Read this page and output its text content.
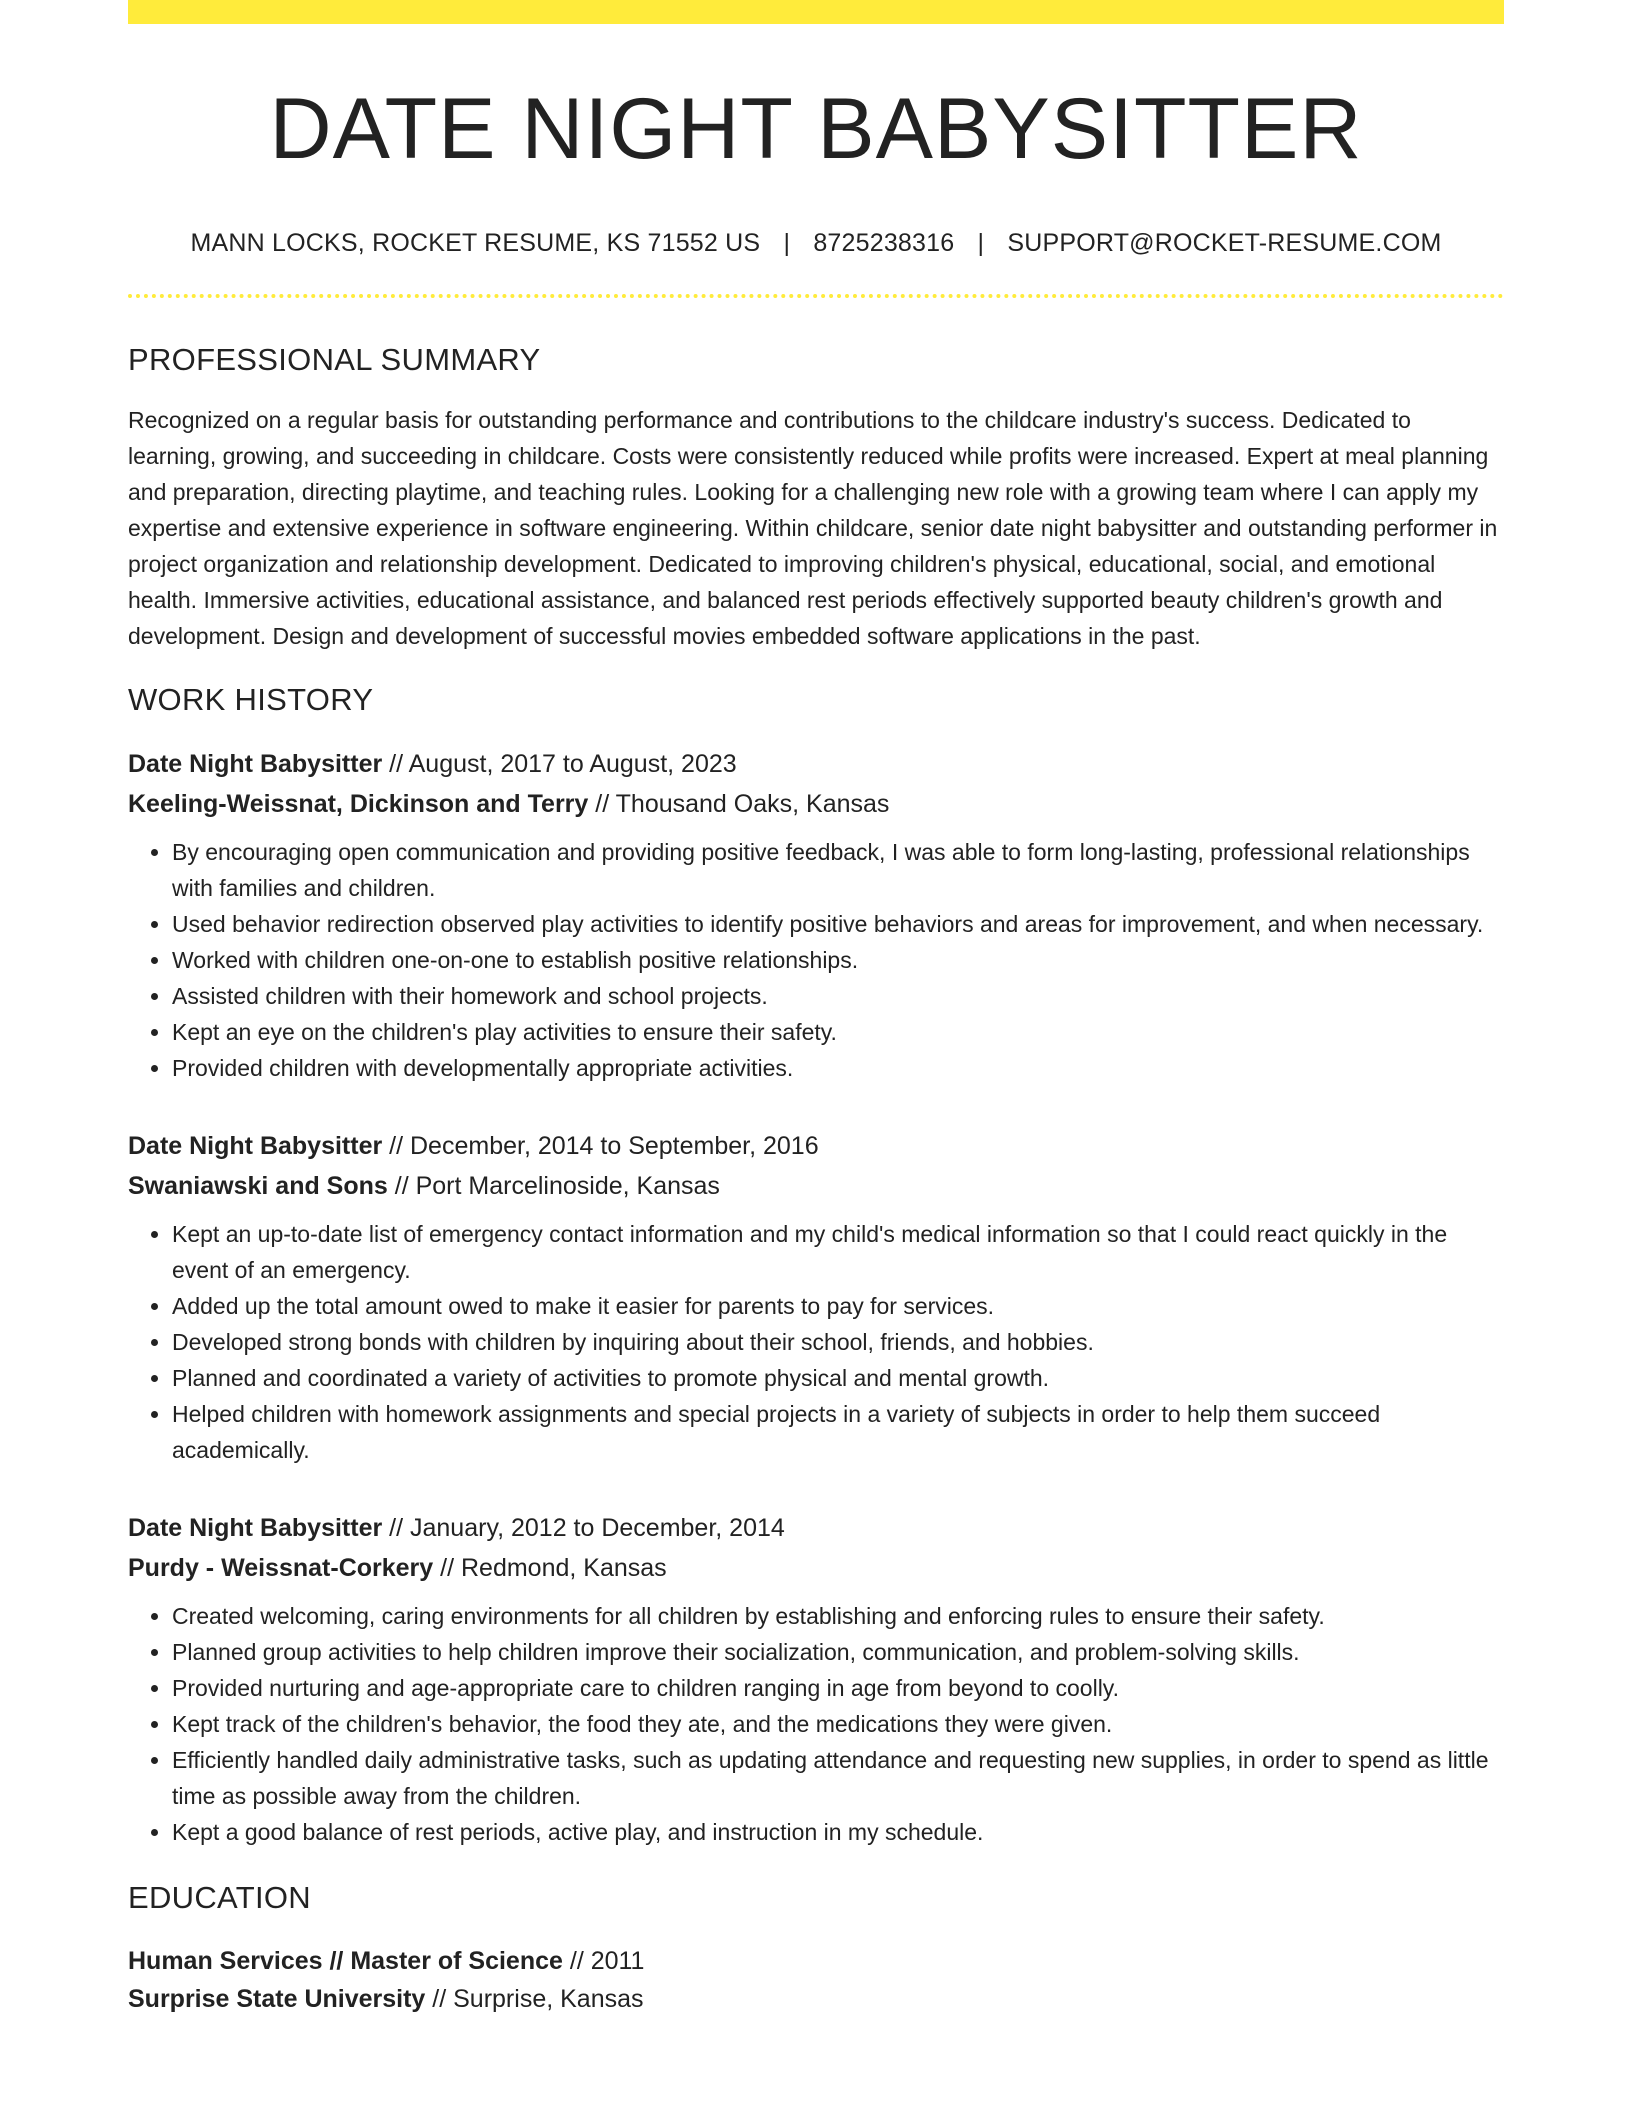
DATE NIGHT BABYSITTER
MANN LOCKS, ROCKET RESUME, KS 71552 US | 8725238316 | SUPPORT@ROCKET-RESUME.COM
PROFESSIONAL SUMMARY

Recognized on a regular basis for outstanding performance and contributions to the childcare industry's success. Dedicated to learning, growing, and succeeding in childcare. Costs were consistently reduced while profits were increased. Expert at meal planning and preparation, directing playtime, and teaching rules. Looking for a challenging new role with a growing team where I can apply my expertise and extensive experience in software engineering. Within childcare, senior date night babysitter and outstanding performer in project organization and relationship development. Dedicated to improving children's physical, educational, social, and emotional health. Immersive activities, educational assistance, and balanced rest periods effectively supported beauty children's growth and development. Design and development of successful movies embedded software applications in the past.

WORK HISTORY
Date Night Babysitter // August, 2017 to August, 2023
Keeling-Weissnat, Dickinson and Terry // Thousand Oaks, Kansas
• By encouraging open communication and providing positive feedback, I was able to form long-lasting, professional relationships with families and children.
• Used behavior redirection observed play activities to identify positive behaviors and areas for improvement, and when necessary.
• Worked with children one-on-one to establish positive relationships.
• Assisted children with their homework and school projects.
• Kept an eye on the children's play activities to ensure their safety.
• Provided children with developmentally appropriate activities.
Date Night Babysitter // December, 2014 to September, 2016
Swaniawski and Sons // Port Marcelinoside, Kansas
• Kept an up-to-date list of emergency contact information and my child's medical information so that I could react quickly in the event of an emergency.
• Added up the total amount owed to make it easier for parents to pay for services.
• Developed strong bonds with children by inquiring about their school, friends, and hobbies.
• Planned and coordinated a variety of activities to promote physical and mental growth.
• Helped children with homework assignments and special projects in a variety of subjects in order to help them succeed academically.
Date Night Babysitter // January, 2012 to December, 2014
Purdy - Weissnat-Corkery // Redmond, Kansas
• Created welcoming, caring environments for all children by establishing and enforcing rules to ensure their safety.
• Planned group activities to help children improve their socialization, communication, and problem-solving skills.
• Provided nurturing and age-appropriate care to children ranging in age from beyond to coolly.
• Kept track of the children's behavior, the food they ate, and the medications they were given.
• Efficiently handled daily administrative tasks, such as updating attendance and requesting new supplies, in order to spend as little time as possible away from the children.
• Kept a good balance of rest periods, active play, and instruction in my schedule.
EDUCATION
Human Services // Master of Science // 2011
Surprise State University // Surprise, Kansas
